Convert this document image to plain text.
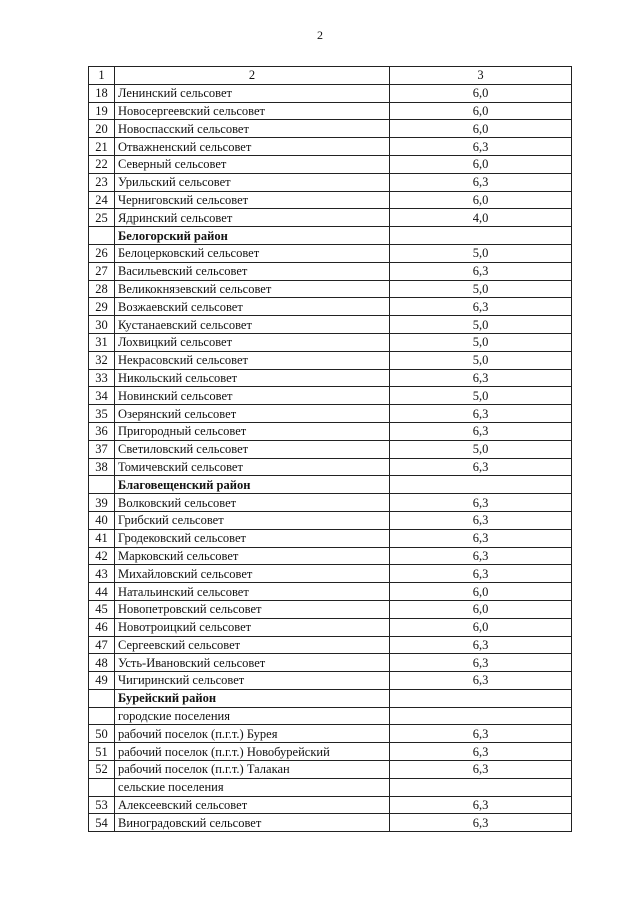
2
1	2	3
18	Ленинский сельсовет	6,0
19	Новосергеевский сельсовет	6,0
20	Новоспасский сельсовет	6,0
21	Отважненский сельсовет	6,3
22	Северный сельсовет	6,0
23	Урильский сельсовет	6,3
24	Черниговский сельсовет	6,0
25	Ядринский сельсовет	4,0
	Белогорский район	
26	Белоцерковский сельсовет	5,0
27	Васильевский сельсовет	6,3
28	Великокнязевский сельсовет	5,0
29	Возжаевский сельсовет	6,3
30	Кустанаевский сельсовет	5,0
31	Лохвицкий сельсовет	5,0
32	Некрасовский сельсовет	5,0
33	Никольский сельсовет	6,3
34	Новинский сельсовет	5,0
35	Озерянский сельсовет	6,3
36	Пригородный сельсовет	6,3
37	Светиловский сельсовет	5,0
38	Томичевский сельсовет	6,3
	Благовещенский район	
39	Волковский сельсовет	6,3
40	Грибский сельсовет	6,3
41	Гродековский сельсовет	6,3
42	Марковский сельсовет	6,3
43	Михайловский сельсовет	6,3
44	Натальинский сельсовет	6,0
45	Новопетровский сельсовет	6,0
46	Новотроицкий сельсовет	6,0
47	Сергеевский сельсовет	6,3
48	Усть-Ивановский сельсовет	6,3
49	Чигиринский сельсовет	6,3
	Бурейский район	
	городские поселения	
50	рабочий поселок (п.г.т.) Бурея	6,3
51	рабочий поселок (п.г.т.) Новобурейский	6,3
52	рабочий поселок (п.г.т.) Талакан	6,3
	сельские поселения	
53	Алексеевский сельсовет	6,3
54	Виноградовский сельсовет	6,3
